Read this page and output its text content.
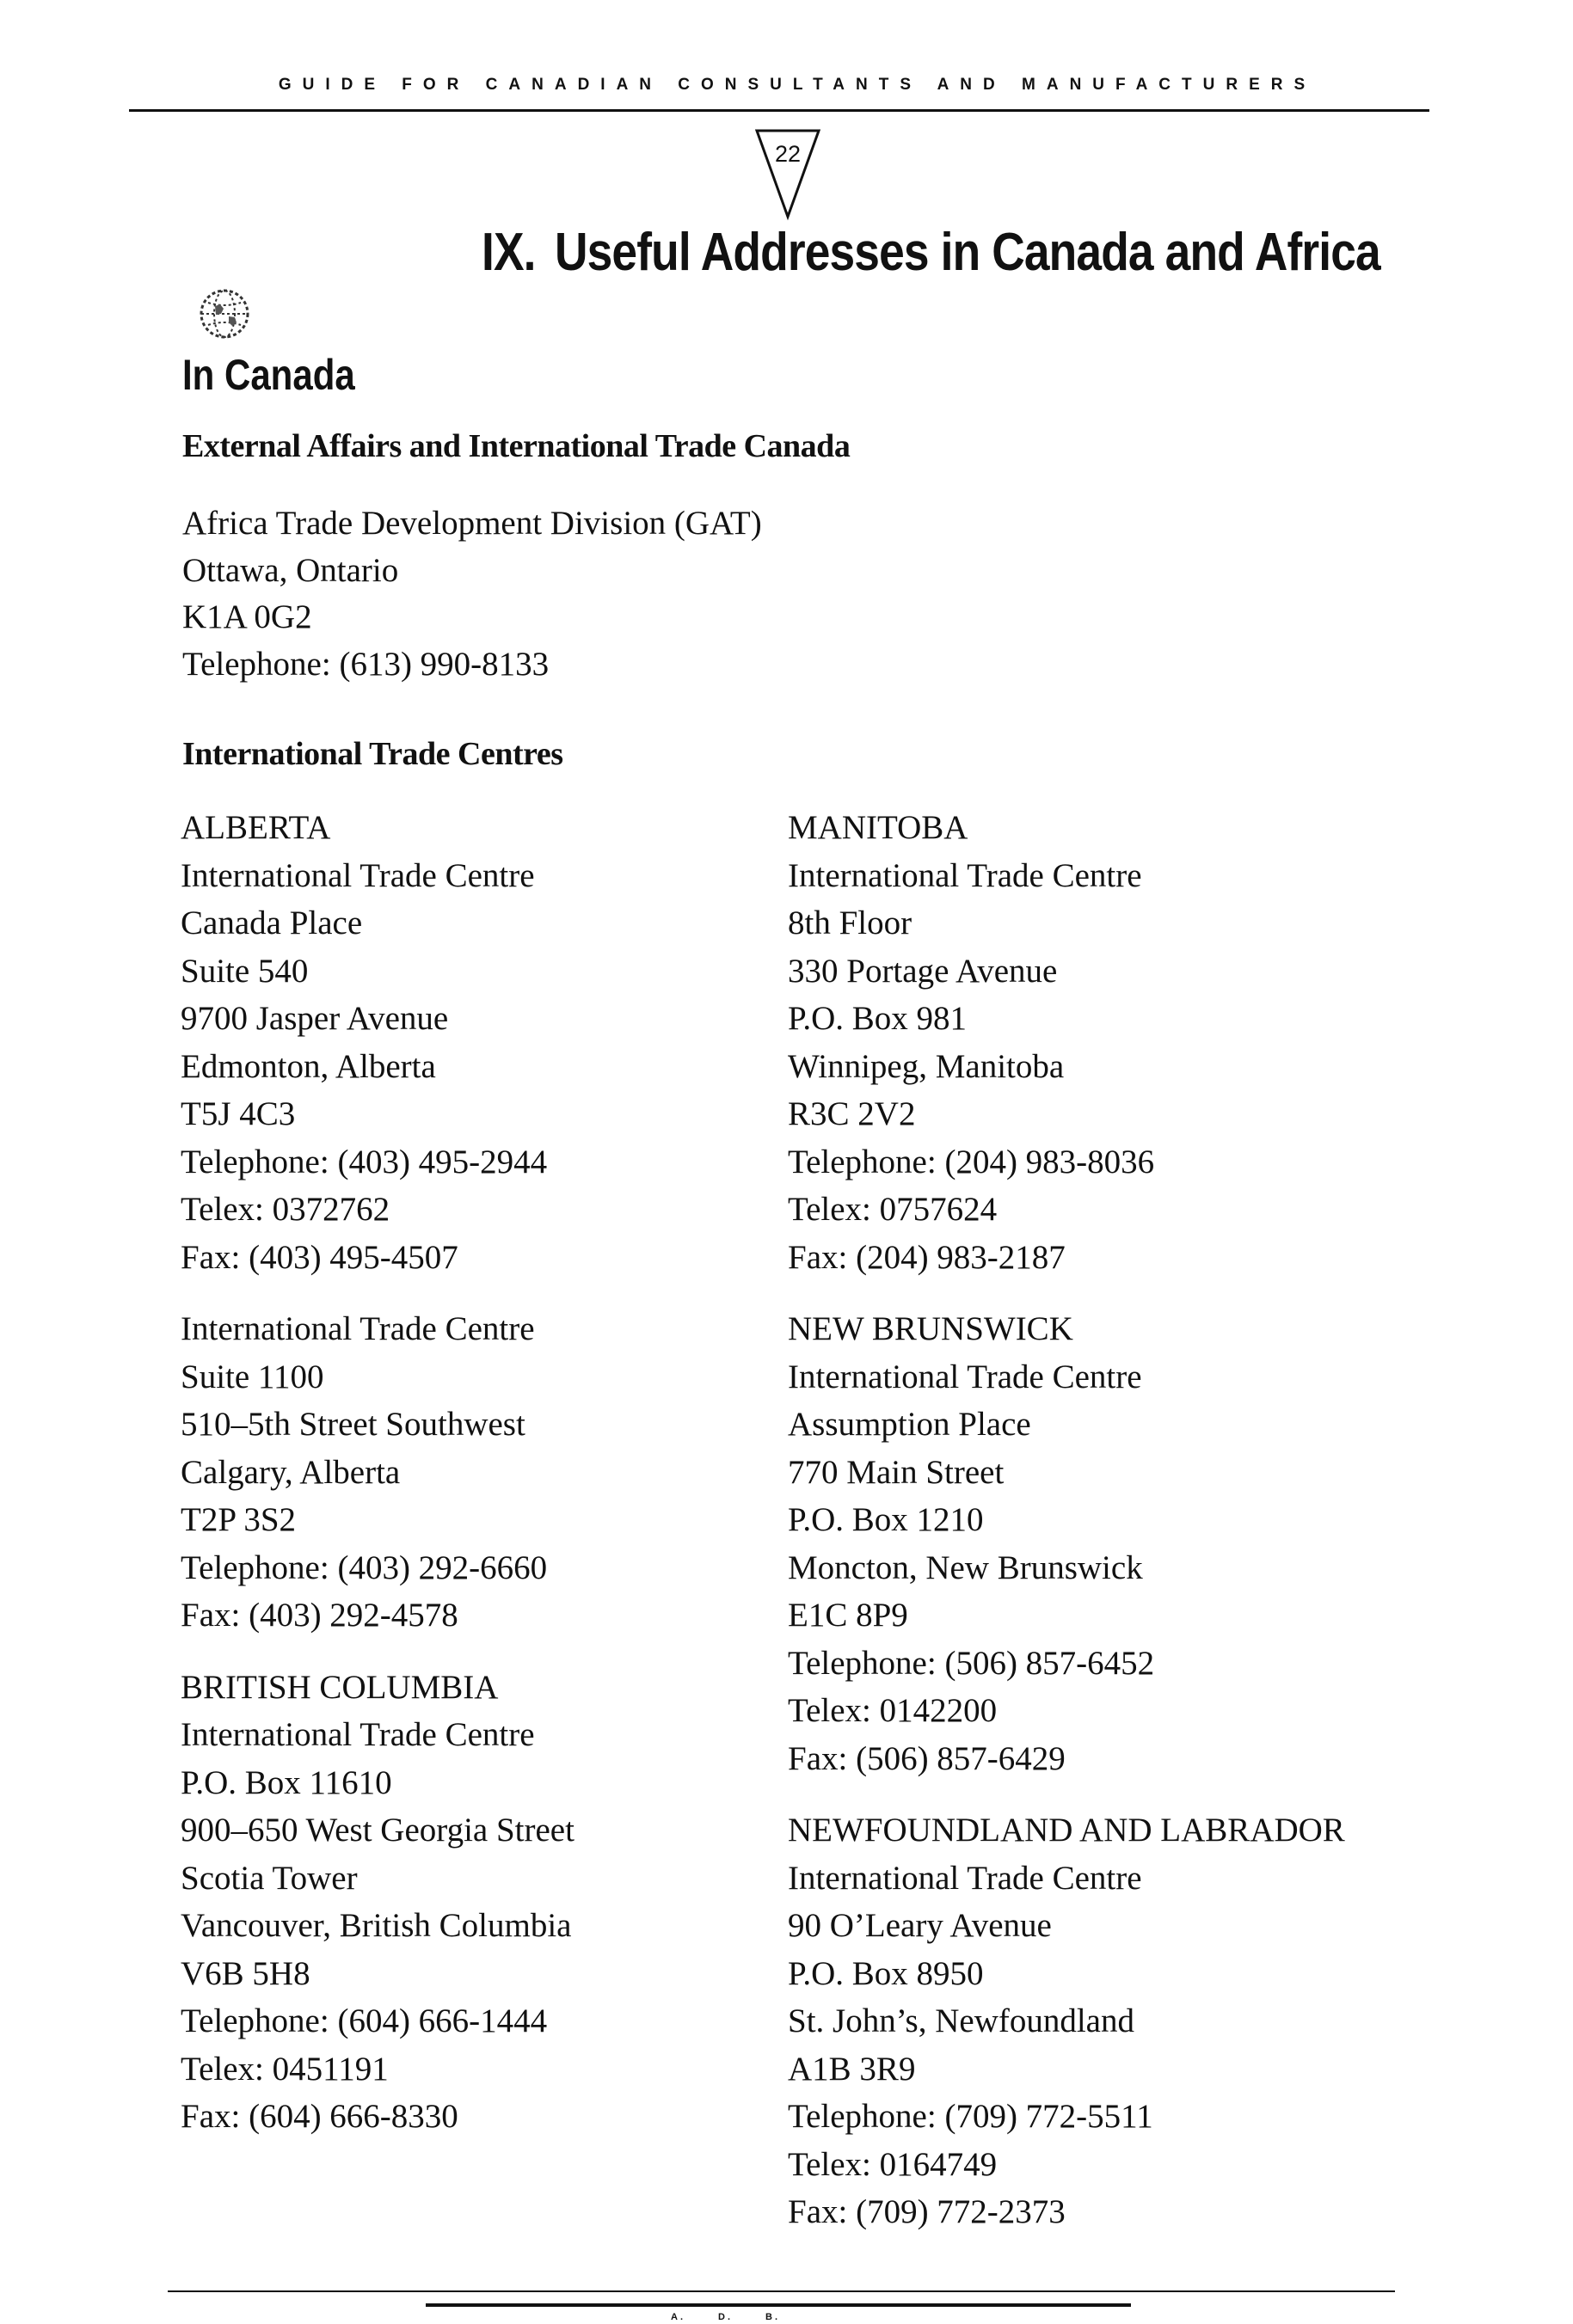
GUIDE FOR CANADIAN CONSULTANTS AND MANUFACTURERS
22
IX. Useful Addresses in Canada and Africa
In Canada
External Affairs and International Trade Canada
Africa Trade Development Division (GAT)
Ottawa, Ontario
K1A 0G2
Telephone: (613) 990-8133
International Trade Centres
ALBERTA
International Trade Centre
Canada Place
Suite 540
9700 Jasper Avenue
Edmonton, Alberta
T5J 4C3
Telephone: (403) 495-2944
Telex: 0372762
Fax: (403) 495-4507
International Trade Centre
Suite 1100
510–5th Street Southwest
Calgary, Alberta
T2P 3S2
Telephone: (403) 292-6660
Fax: (403) 292-4578
BRITISH COLUMBIA
International Trade Centre
P.O. Box 11610
900–650 West Georgia Street
Scotia Tower
Vancouver, British Columbia
V6B 5H8
Telephone: (604) 666-1444
Telex: 0451191
Fax: (604) 666-8330
MANITOBA
International Trade Centre
8th Floor
330 Portage Avenue
P.O. Box 981
Winnipeg, Manitoba
R3C 2V2
Telephone: (204) 983-8036
Telex: 0757624
Fax: (204) 983-2187
NEW BRUNSWICK
International Trade Centre
Assumption Place
770 Main Street
P.O. Box 1210
Moncton, New Brunswick
E1C 8P9
Telephone: (506) 857-6452
Telex: 0142200
Fax: (506) 857-6429
NEWFOUNDLAND AND LABRADOR
International Trade Centre
90 O’Leary Avenue
P.O. Box 8950
St. John’s, Newfoundland
A1B 3R9
Telephone: (709) 772-5511
Telex: 0164749
Fax: (709) 772-2373
A.	D.	B.
